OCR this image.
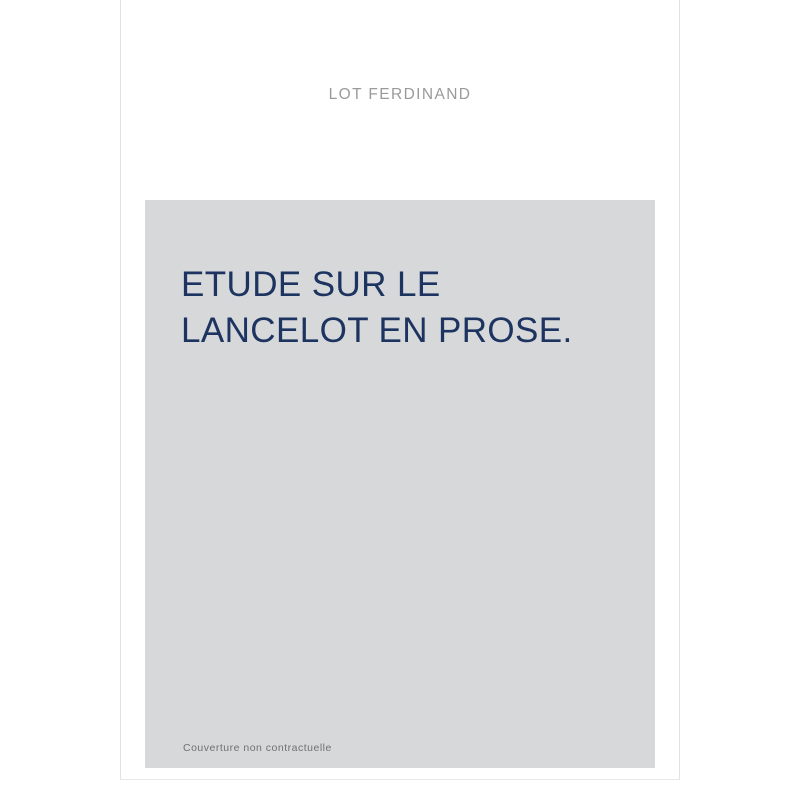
LOT FERDINAND
ETUDE SUR LE LANCELOT EN PROSE.
Couverture non contractuelle
